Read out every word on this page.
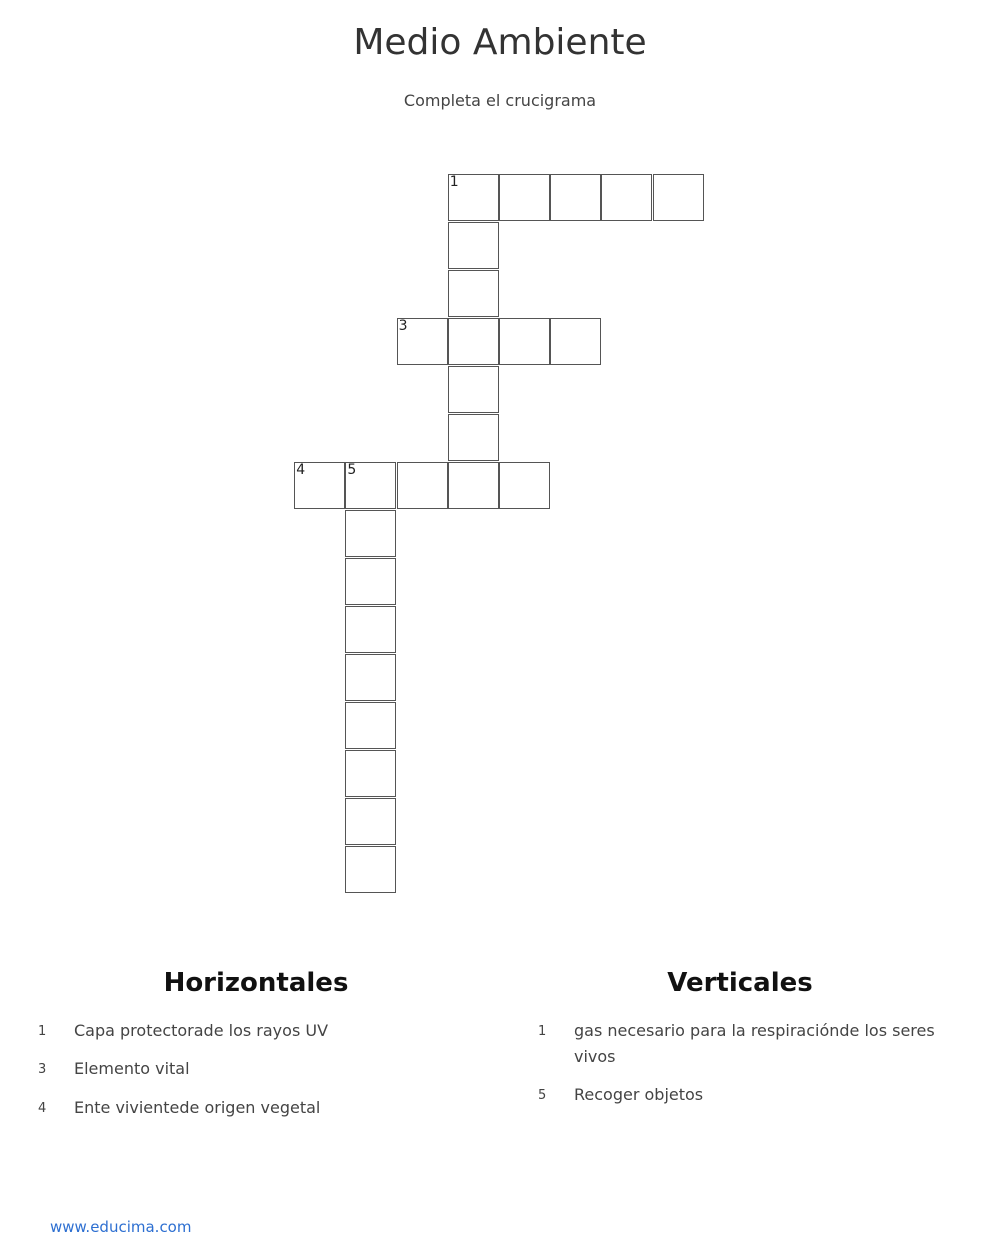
Medio Ambiente
Completa el crucigrama
1
3
4	5
Horizontales	Verticales
1	Capa protectorade los rayos UV
3	Elemento vital
4	Ente vivientede origen vegetal
1	gas necesario para la respiraciónde los seres
vivos
5	Recoger objetos
www.educima.com
